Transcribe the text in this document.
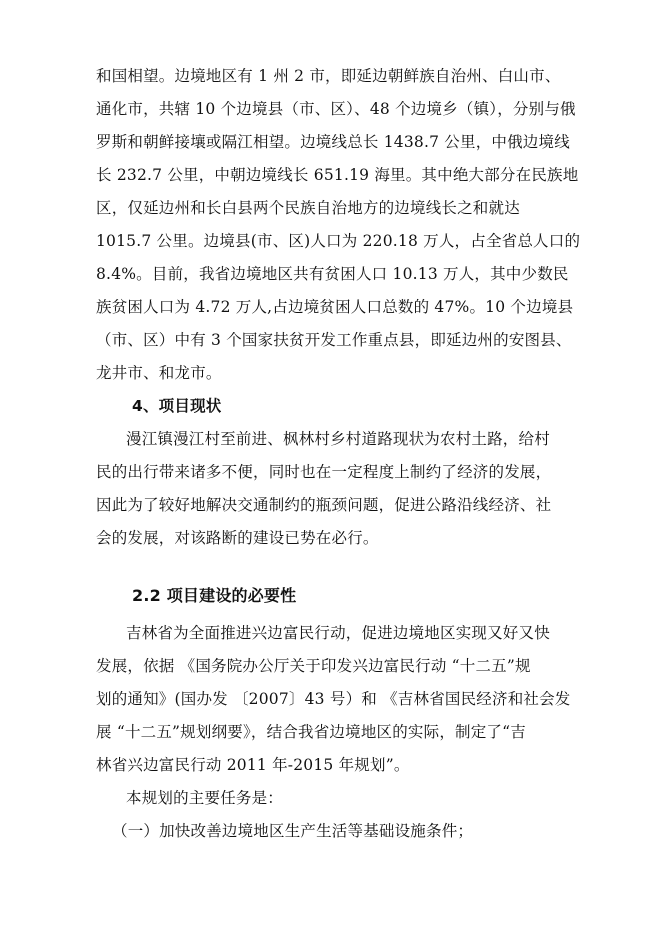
和国相望。边境地区有 1 州 2 市，即延边朝鲜族自治州、白山市、
通化市，共辖 10 个边境县（市、区）、48 个边境乡（镇），分别与俄
罗斯和朝鲜接壤或隔江相望。边境线总长 1438.7 公里，中俄边境线
长 232.7 公里，中朝边境线长 651.19 海里。其中绝大部分在民族地
区，仅延边州和长白县两个民族自治地方的边境线长之和就达
1015.7 公里。边境县(市、区)人口为 220.18 万人，占全省总人口的
8.4%。目前，我省边境地区共有贫困人口 10.13 万人，其中少数民
族贫困人口为 4.72 万人,占边境贫困人口总数的 47%。10 个边境县
（市、区）中有 3 个国家扶贫开发工作重点县，即延边州的安图县、
龙井市、和龙市。
4、项目现状
漫江镇漫江村至前进、枫林村乡村道路现状为农村土路，给村
民的出行带来诸多不便，同时也在一定程度上制约了经济的发展，
因此为了较好地解决交通制约的瓶颈问题，促进公路沿线经济、社
会的发展，对该路断的建设已势在必行。
2.2 项目建设的必要性
吉林省为全面推进兴边富民行动，促进边境地区实现又好又快
发展，依据 《国务院办公厅关于印发兴边富民行动 “十二五”规
划的通知》(国办发 〔2007〕43 号）和 《吉林省国民经济和社会发
展 “十二五”规划纲要》，结合我省边境地区的实际，制定了“吉
林省兴边富民行动 2011 年-2015 年规划”。
本规划的主要任务是：
（一）加快改善边境地区生产生活等基础设施条件；
